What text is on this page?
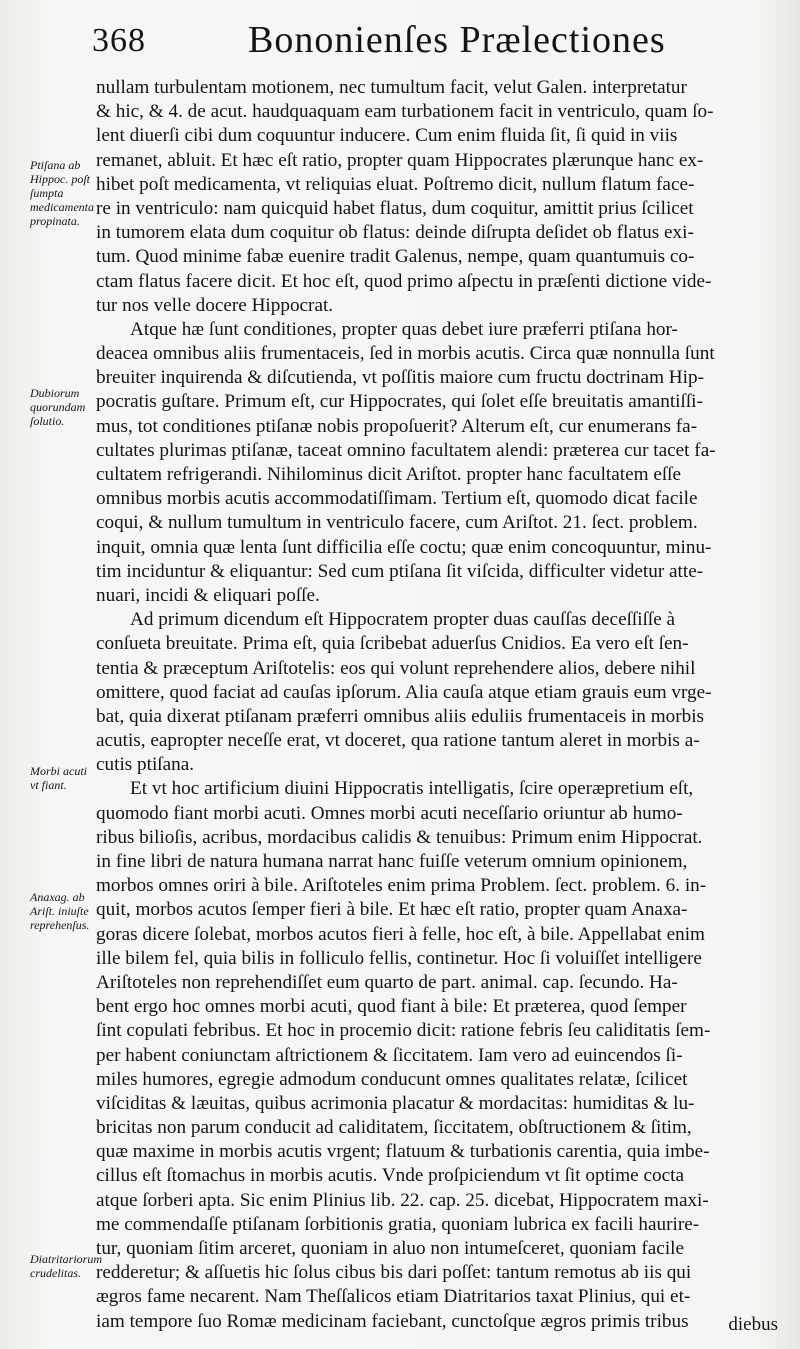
368	Bononienſes Prælectiones
Ptiſana ab Hippoc. poſt ſumpta medicamenta propinata.
Dubiorum quorundam ſolutio.
Morbi acuti vt fiant.
Anaxag. ab Ariſt. iniuſte reprehenſus.
Diatritariorum crudelitas.
nullam turbulentam motionem, nec tumultum facit, velut Galen. interpretatur
& hic, & 4. de acut. haudquaquam eam turbationem facit in ventriculo, quam ſo-
lent diuerſi cibi dum coquuntur inducere. Cum enim fluida ſit, ſi quid in viis
remanet, abluit. Et hæc eſt ratio, propter quam Hippocrates plærunque hanc ex-
hibet poſt medicamenta, vt reliquias eluat. Poſtremo dicit, nullum flatum face-
re in ventriculo: nam quicquid habet flatus, dum coquitur, amittit prius ſcilicet
in tumorem elata dum coquitur ob flatus: deinde diſrupta deſidet ob flatus exi-
tum. Quod minime fabæ euenire tradit Galenus, nempe, quam quantumuis co-
ctam flatus facere dicit. Et hoc eſt, quod primo aſpectu in præſenti dictione vide-
tur nos velle docere Hippocrat.
Atque hæ ſunt conditiones, propter quas debet iure præferri ptiſana hor-
deacea omnibus aliis frumentaceis, ſed in morbis acutis. Circa quæ nonnulla ſunt
breuiter inquirenda & diſcutienda, vt poſſitis maiore cum fructu doctrinam Hip-
pocratis guſtare. Primum eſt, cur Hippocrates, qui ſolet eſſe breuitatis amantiſſi-
mus, tot conditiones ptiſanæ nobis propoſuerit? Alterum eſt, cur enumerans fa-
cultates plurimas ptiſanæ, taceat omnino facultatem alendi: præterea cur tacet fa-
cultatem refrigerandi. Nihilominus dicit Ariſtot. propter hanc facultatem eſſe
omnibus morbis acutis accommodatiſſimam. Tertium eſt, quomodo dicat facile
coqui, & nullum tumultum in ventriculo facere, cum Ariſtot. 21. ſect. problem.
inquit, omnia quæ lenta ſunt difficilia eſſe coctu; quæ enim concoquuntur, minu-
tim inciduntur & eliquantur: Sed cum ptiſana ſit viſcida, difficulter videtur atte-
nuari, incidi & eliquari poſſe.
Ad primum dicendum eſt Hippocratem propter duas cauſſas deceſſiſſe à
conſueta breuitate. Prima eſt, quia ſcribebat aduerſus Cnidios. Ea vero eſt ſen-
tentia & præceptum Ariſtotelis: eos qui volunt reprehendere alios, debere nihil
omittere, quod faciat ad cauſas ipſorum. Alia cauſa atque etiam grauis eum vrge-
bat, quia dixerat ptiſanam præferri omnibus aliis eduliis frumentaceis in morbis
acutis, eapropter neceſſe erat, vt doceret, qua ratione tantum aleret in morbis a-
cutis ptiſana.
Et vt hoc artificium diuini Hippocratis intelligatis, ſcire operæpretium eſt,
quomodo fiant morbi acuti. Omnes morbi acuti neceſſario oriuntur ab humo-
ribus bilioſis, acribus, mordacibus calidis & tenuibus: Primum enim Hippocrat.
in fine libri de natura humana narrat hanc fuiſſe veterum omnium opinionem,
morbos omnes oriri à bile. Ariſtoteles enim prima Problem. ſect. problem. 6. in-
quit, morbos acutos ſemper fieri à bile. Et hæc eſt ratio, propter quam Anaxa-
goras dicere ſolebat, morbos acutos fieri à felle, hoc eſt, à bile. Appellabat enim
ille bilem fel, quia bilis in folliculo fellis, continetur. Hoc ſi voluiſſet intelligere
Ariſtoteles non reprehendiſſet eum quarto de part. animal. cap. ſecundo. Ha-
bent ergo hoc omnes morbi acuti, quod fiant à bile: Et præterea, quod ſemper
ſint copulati febribus. Et hoc in procemio dicit: ratione febris ſeu caliditatis ſem-
per habent coniunctam aſtrictionem & ſiccitatem. Iam vero ad euincendos ſi-
miles humores, egregie admodum conducunt omnes qualitates relatæ, ſcilicet
viſciditas & læuitas, quibus acrimonia placatur & mordacitas: humiditas & lu-
bricitas non parum conducit ad caliditatem, ſiccitatem, obſtructionem & ſitim,
quæ maxime in morbis acutis vrgent; flatuum & turbationis carentia, quia imbe-
cillus eſt ſtomachus in morbis acutis. Vnde proſpiciendum vt ſit optime cocta
atque ſorberi apta. Sic enim Plinius lib. 22. cap. 25. dicebat, Hippocratem maxi-
me commendaſſe ptiſanam ſorbitionis gratia, quoniam lubrica ex facili haurire-
tur, quoniam ſitim arceret, quoniam in aluo non intumeſceret, quoniam facile
redderetur; & aſſuetis hic ſolus cibus bis dari poſſet: tantum remotus ab iis qui
ægros fame necarent. Nam Theſſalicos etiam Diatritarios taxat Plinius, qui et-
iam tempore ſuo Romæ medicinam faciebant, cunctoſque ægros primis tribus	diebus
